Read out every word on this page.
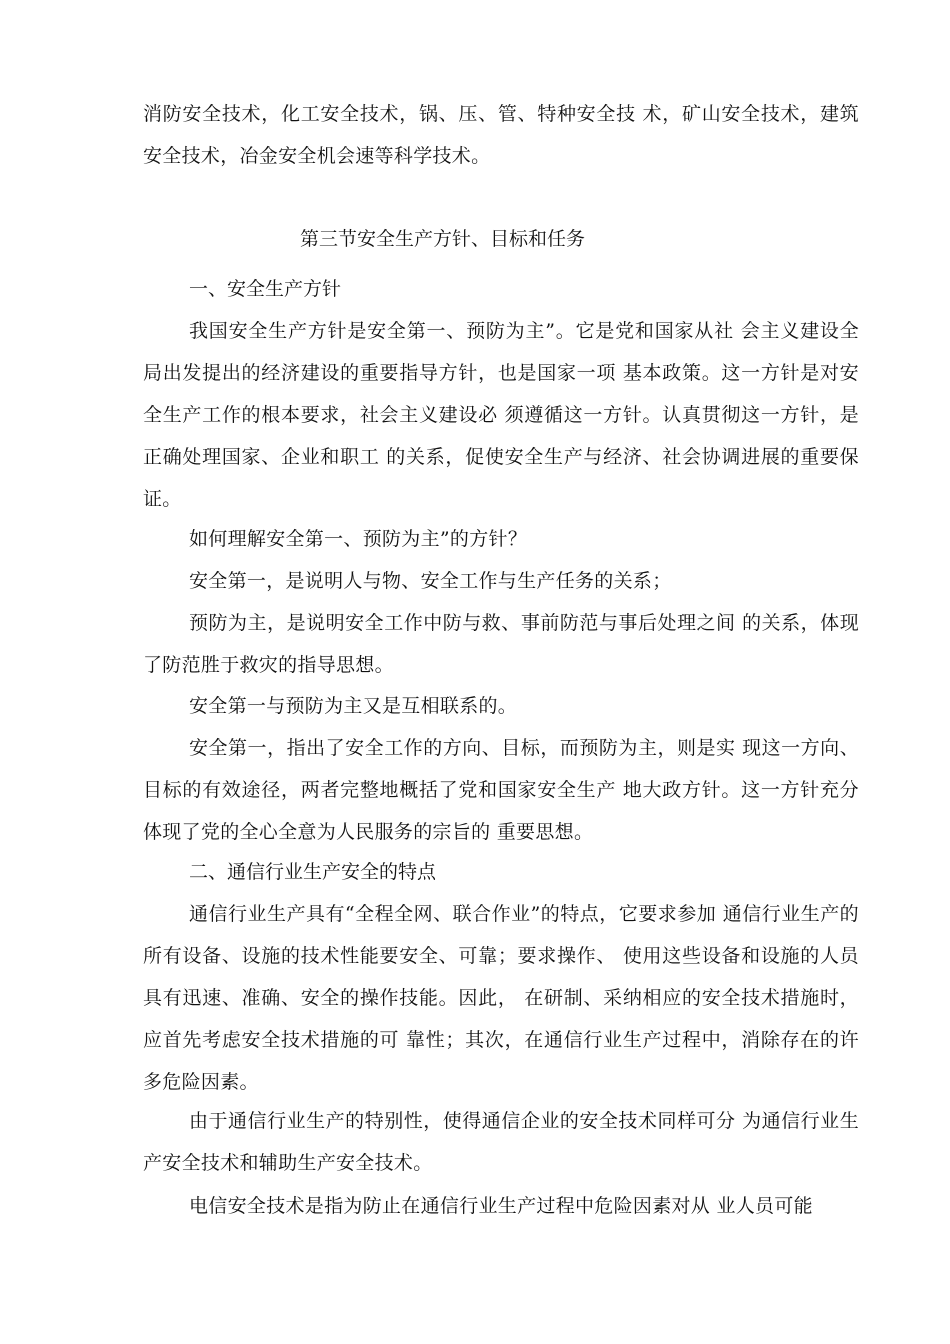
消防安全技术，化工安全技术，锅、压、管、特种安全技 术，矿山安全技术，建筑安全技术，冶金安全机会速等科学技术。

第三节安全生产方针、目标和任务
一、安全生产方针

我国安全生产方针是安全第一、预防为主”。它是党和国家从社 会主义建设全局出发提出的经济建设的重要指导方针，也是国家一项 基本政策。这一方针是对安全生产工作的根本要求，社会主义建设必 须遵循这一方针。认真贯彻这一方针，是正确处理国家、企业和职工 的关系，促使安全生产与经济、社会协调进展的重要保证。

如何理解安全第一、预防为主”的方针？

安全第一，是说明人与物、安全工作与生产任务的关系；

预防为主，是说明安全工作中防与救、事前防范与事后处理之间 的关系，体现了防范胜于救灾的指导思想。

安全第一与预防为主又是互相联系的。

安全第一，指出了安全工作的方向、目标，而预防为主，则是实 现这一方向、目标的有效途径，两者完整地概括了党和国家安全生产 地大政方针。这一方针充分体现了党的全心全意为人民服务的宗旨的 重要思想。

二、通信行业生产安全的特点

通信行业生产具有“全程全网、联合作业”的特点，它要求参加 通信行业生产的所有设备、设施的技术性能要安全、可靠；要求操作、 使用这些设备和设施的人员具有迅速、准确、安全的操作技能。因此， 在研制、采纳相应的安全技术措施时，应首先考虑安全技术措施的可 靠性；其次，在通信行业生产过程中，消除存在的许多危险因素。

由于通信行业生产的特别性，使得通信企业的安全技术同样可分 为通信行业生产安全技术和辅助生产安全技术。

电信安全技术是指为防止在通信行业生产过程中危险因素对从 业人员可能
